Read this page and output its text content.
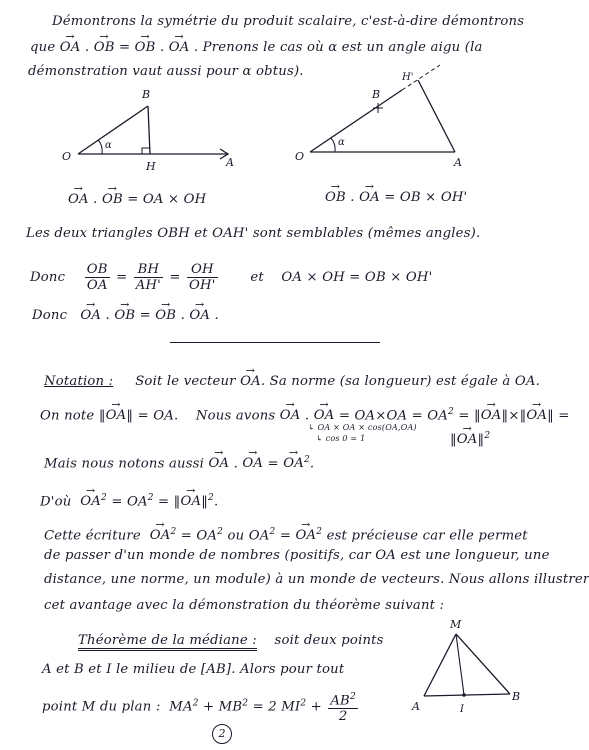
Démontrons la symétrie du produit scalaire, c'est-à-dire démontrons
que → OA . → OB = → OB . → OA . Prenons le cas où α est un angle aigu (la
démonstration vaut aussi pour α obtus).
O
B
H	A
α
O
B
H'
A
α
→ OA . → OB = OA × OH	→ OB . → OA = OB × OH'
Les deux triangles OBH et OAH' sont semblables (mêmes angles).
Donc $\frac{OB}{OA} = \frac{BH}{AH'} = \frac{OH}{OH'}$ et OA × OH = OB × OH'
Donc → OA . → OB = → OB . → OA .
Notation : Soit le vecteur → OA. Sa norme (sa longueur) est égale à OA.
On note ‖→ OA‖ = OA. Nous avons → OA . → OA = $OA\times OA = OA^2$ = ‖→ OA‖×‖→ OA‖ =
↳ OA × OA × cos(OA,OA)
↳ cos 0 = 1	‖→ OA‖$^2$
Mais nous notons aussi → OA . → OA = → $OA^2$.
D'où → $OA^2 = OA^2$ = ‖→ OA‖$^2$.
Cette écriture → $OA^2 = OA^2$ ou $OA^2$ = → $OA^2$ est précieuse car elle permet
de passer d'un monde de nombres (positifs, car OA est une longueur, une
distance, une norme, un module) à un monde de vecteurs. Nous allons illustrer
cet avantage avec la démonstration du théorème suivant :
Théorème de la médiane : soit deux points
A et B et I le milieu de [AB]. Alors pour tout
point M du plan :  $MA^2 + MB^2 = 2$ $MI^2 + \frac{AB^2}{2}$
M
A
B
I
2
